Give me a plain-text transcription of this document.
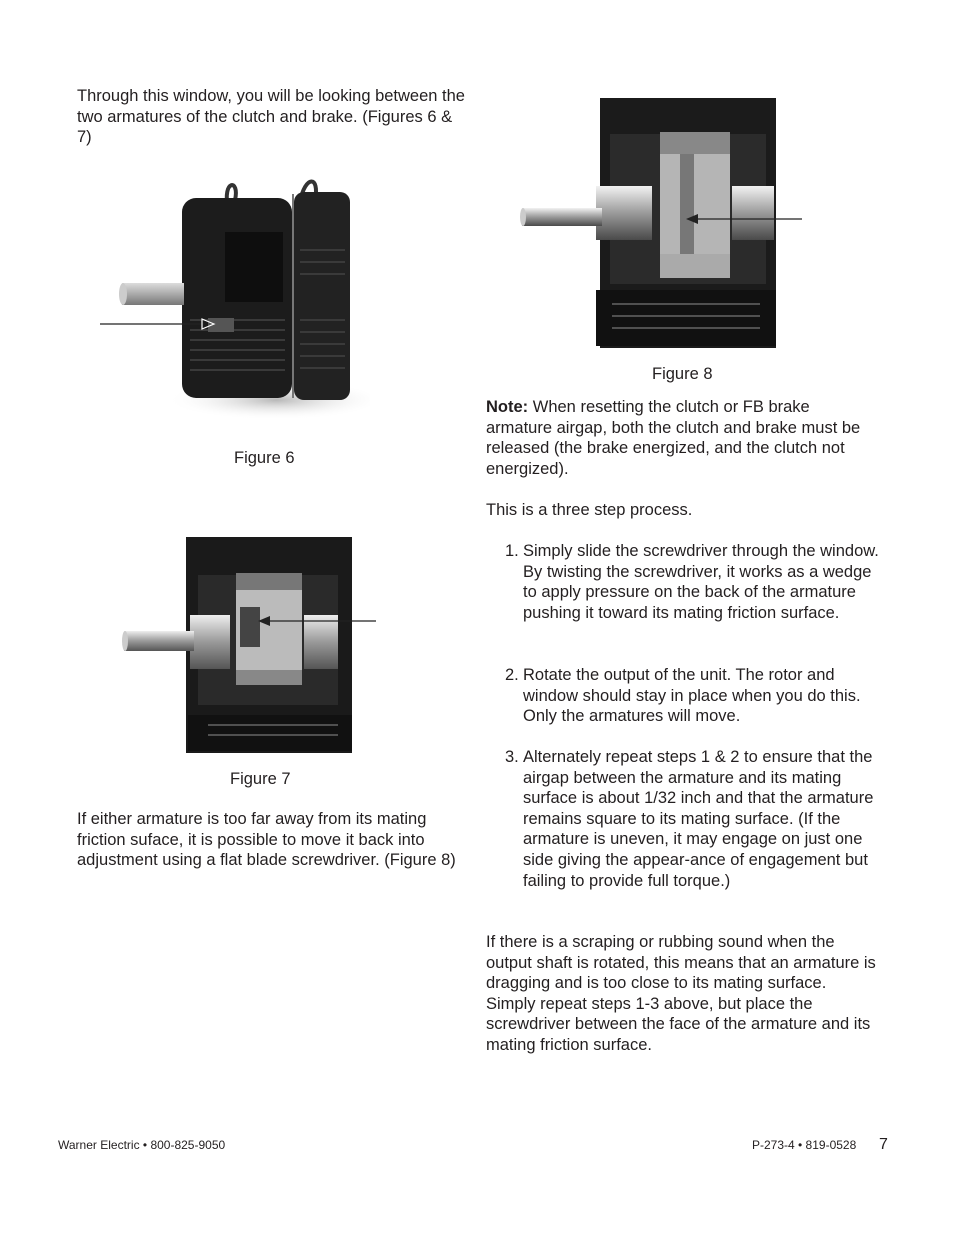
Through this window, you will be looking between the two armatures of the clutch and brake. (Figures 6 & 7)
Figure 6
Figure 7
If either armature is too far away from its mating friction suface, it is possible to move it back into adjustment using a flat blade screwdriver. (Figure 8)
Figure 8
Note: When resetting the clutch or FB brake armature airgap, both the clutch and brake must be released (the brake energized, and the clutch not energized).
This is a three step process.
1. Simply slide the screwdriver through the window. By twisting the screwdriver, it works as a wedge to apply pressure on the back of the armature pushing it toward its mating friction surface.
2. Rotate the output of the unit. The rotor and window should stay in place when you do this. Only the armatures will move.
3. Alternately repeat steps 1 & 2 to ensure that the airgap between the armature and its mating surface is about 1/32 inch and that the armature remains square to its mating surface. (If the armature is uneven, it may engage on just one side giving the appear-ance of engagement but failing to provide full torque.)
If there is a scraping or rubbing sound when the output shaft is rotated, this means that an armature is dragging and is too close to its mating surface. Simply repeat steps 1-3 above, but place the screwdriver between the face of the armature and its mating friction surface.
Warner Electric • 800-825-9050	P-273-4 • 819-0528 7
